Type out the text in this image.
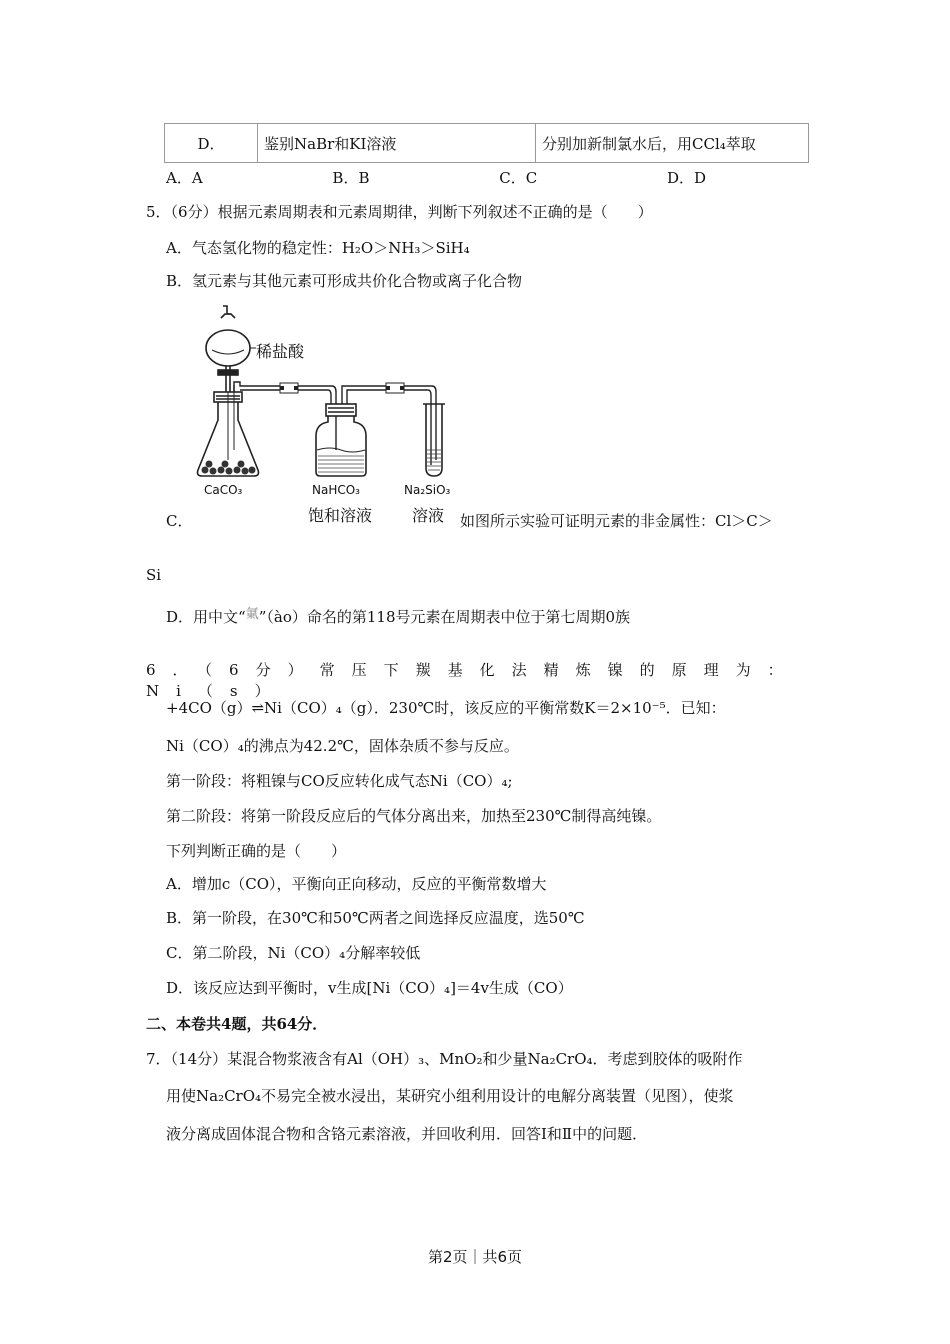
D．	鉴别NaBr和KI溶液	分别加新制氯水后，用CCl₄萃取
A．A	B．B	C．C	D．D
5．（6分）根据元素周期表和元素周期律，判断下列叙述不正确的是（　　）
A．气态氢化物的稳定性：H₂O＞NH₃＞SiH₄
B．氢元素与其他元素可形成共价化合物或离子化合物
稀盐酸
CaCO₃	NaHCO₃
饱和溶液
Na₂SiO₃
溶液
C．	如图所示实验可证明元素的非金属性：Cl＞C＞
Si
D．用中文“氭”（ào）命名的第118号元素在周期表中位于第七周期0族
6．（6分）常压下羰基化法精炼镍的原理为：Ni（s）
+4CO（g）⇌Ni（CO）₄（g）．230℃时，该反应的平衡常数K＝2×10⁻⁵．已知：
Ni（CO）₄的沸点为42.2℃，固体杂质不参与反应。
第一阶段：将粗镍与CO反应转化成气态Ni（CO）₄;
第二阶段：将第一阶段反应后的气体分离出来，加热至230℃制得高纯镍。
下列判断正确的是（　　）
A．增加c（CO），平衡向正向移动，反应的平衡常数增大
B．第一阶段，在30℃和50℃两者之间选择反应温度，选50℃
C．第二阶段，Ni（CO）₄分解率较低
D．该反应达到平衡时，v生成[Ni（CO）₄]＝4v生成（CO）
二、本卷共4题，共64分．
7．（14分）某混合物浆液含有Al（OH）₃、MnO₂和少量Na₂CrO₄．考虑到胶体的吸附作
用使Na₂CrO₄不易完全被水浸出，某研究小组利用设计的电解分离装置（见图），使浆
液分离成固体混合物和含铬元素溶液，并回收利用．回答Ⅰ和Ⅱ中的问题．
第2页｜共6页
